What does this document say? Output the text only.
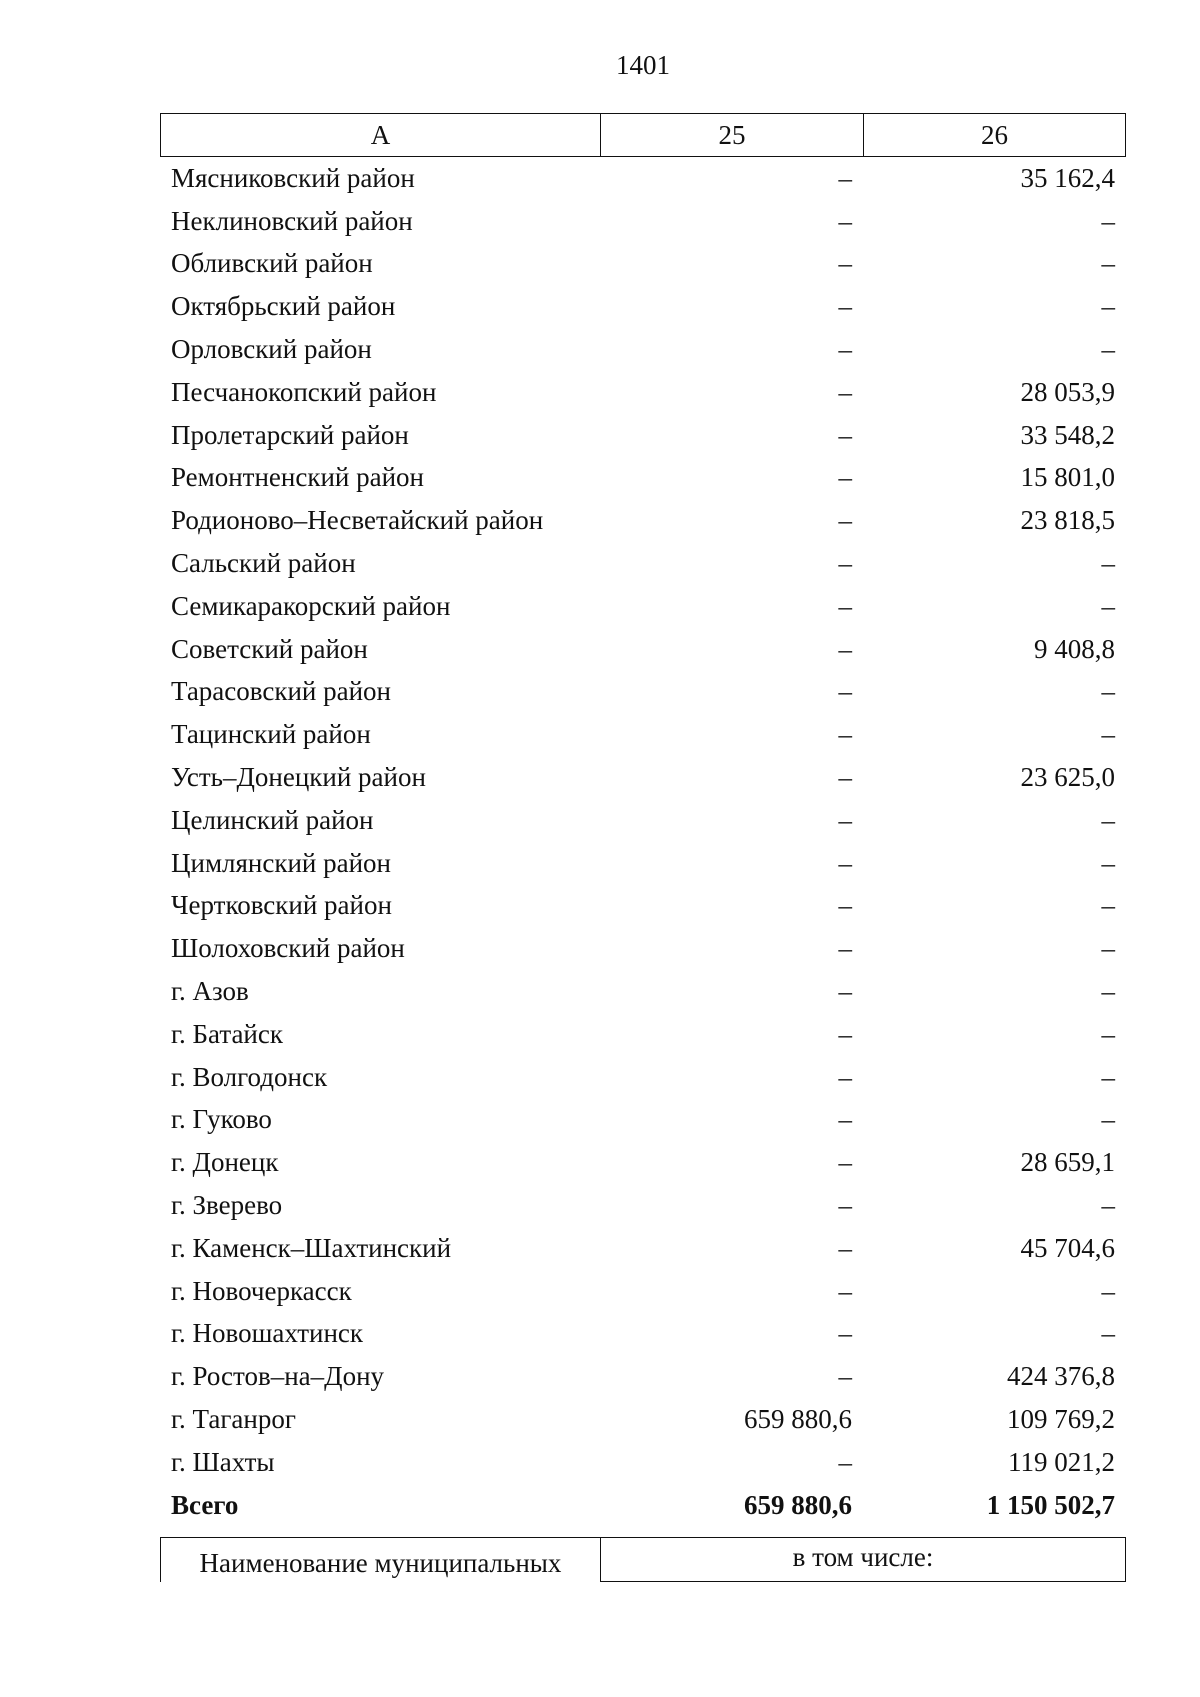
1401
А	25	26
Мясниковский район	–	35 162,4
Неклиновский район	–	–
Обливский район	–	–
Октябрьский район	–	–
Орловский район	–	–
Песчанокопский район	–	28 053,9
Пролетарский район	–	33 548,2
Ремонтненский район	–	15 801,0
Родионово–Несветайский район	–	23 818,5
Сальский район	–	–
Семикаракорский район	–	–
Советский район	–	9 408,8
Тарасовский район	–	–
Тацинский район	–	–
Усть–Донецкий район	–	23 625,0
Целинский район	–	–
Цимлянский район	–	–
Чертковский район	–	–
Шолоховский район	–	–
г. Азов	–	–
г. Батайск	–	–
г. Волгодонск	–	–
г. Гуково	–	–
г. Донецк	–	28 659,1
г. Зверево	–	–
г. Каменск–Шахтинский	–	45 704,6
г. Новочеркасск	–	–
г. Новошахтинск	–	–
г. Ростов–на–Дону	–	424 376,8
г. Таганрог	659 880,6	109 769,2
г. Шахты	–	119 021,2
Всего	659 880,6	1 150 502,7
Наименование муниципальных	в том числе:
